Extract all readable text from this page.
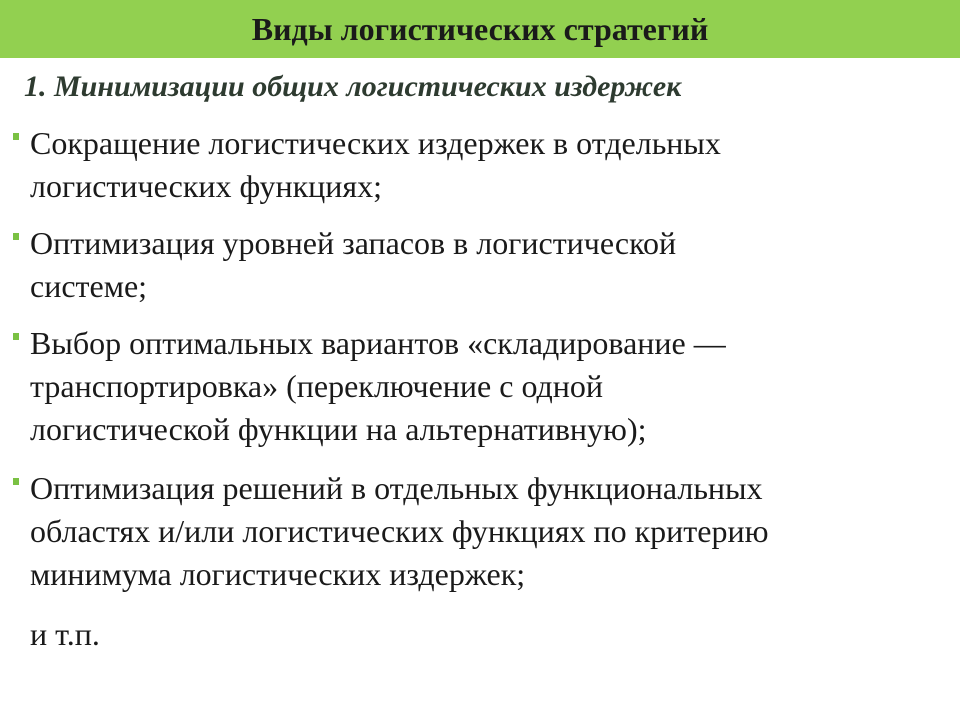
Виды логистических стратегий
1. Минимизации общих логистических издержек
Сокращение логистических издержек в отдельных
логистических функциях;
Оптимизация уровней запасов в логистической
системе;
Выбор оптимальных вариантов «складирование —
транспортировка» (переключение с одной
логистической функции на альтернативную);
Оптимизация решений в отдельных функциональных
областях и/или логистических функциях по критерию
минимума логистических издержек;
и т.п.
